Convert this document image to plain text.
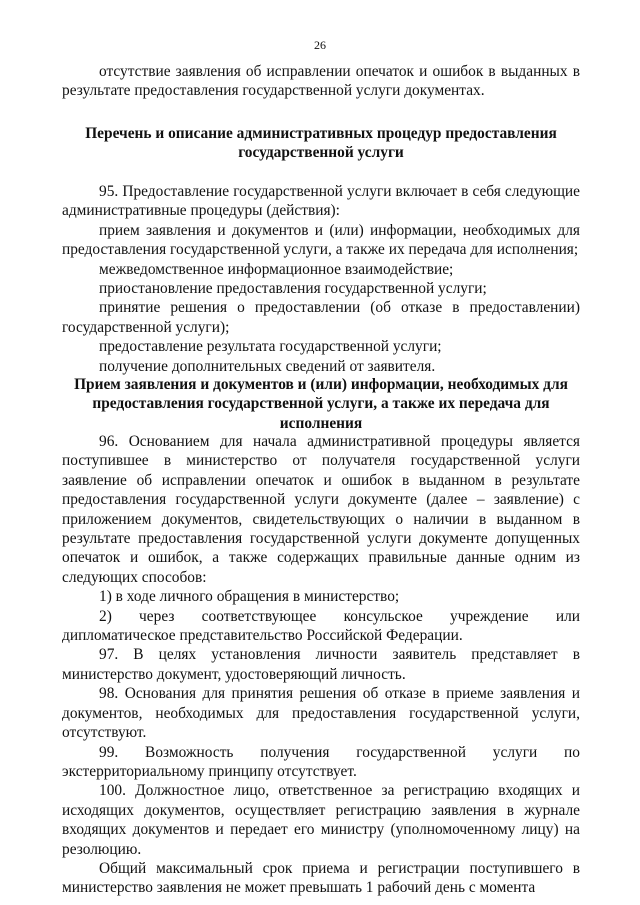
26

отсутствие заявления об исправлении опечаток и ошибок в выданных в результате предоставления государственной услуги документах.

Перечень и описание административных процедур предоставления государственной услуги

95. Предоставление государственной услуги включает в себя следующие административные процедуры (действия):

прием заявления и документов и (или) информации, необходимых для предоставления государственной услуги, а также их передача для исполнения;

межведомственное информационное взаимодействие;

приостановление предоставления государственной услуги;

принятие решения о предоставлении (об отказе в предоставлении) государственной услуги);

предоставление результата государственной услуги;

получение дополнительных сведений от заявителя.

Прием заявления и документов и (или) информации, необходимых для предоставления государственной услуги, а также их передача для исполнения

96. Основанием для начала административной процедуры является поступившее в министерство от получателя государственной услуги заявление об исправлении опечаток и ошибок в выданном в результате предоставления государственной услуги документе (далее – заявление) с приложением документов, свидетельствующих о наличии в выданном в результате предоставления государственной услуги документе допущенных опечаток и ошибок, а также содержащих правильные данные одним из следующих способов:

1) в ходе личного обращения в министерство;

2) через соответствующее консульское учреждение или дипломатическое представительство Российской Федерации.

97. В целях установления личности заявитель представляет в министерство документ, удостоверяющий личность.

98. Основания для принятия решения об отказе в приеме заявления и документов, необходимых для предоставления государственной услуги, отсутствуют.

99. Возможность получения государственной услуги по экстерриториальному принципу отсутствует.

100. Должностное лицо, ответственное за регистрацию входящих и исходящих документов, осуществляет регистрацию заявления в журнале входящих документов и передает его министру (уполномоченному лицу) на резолюцию.

Общий максимальный срок приема и регистрации поступившего в министерство заявления не может превышать 1 рабочий день с момента
